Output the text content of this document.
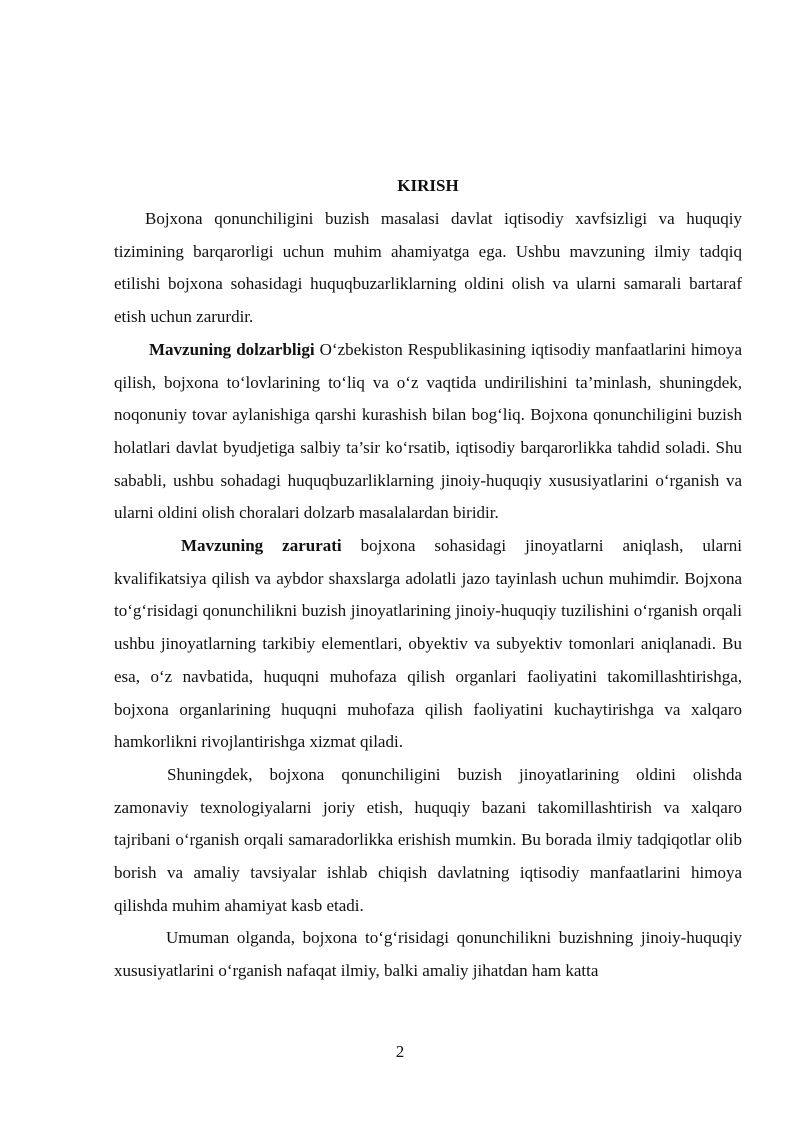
KIRISH

Bojxona qonunchiligini buzish masalasi davlat iqtisodiy xavfsizligi va huquqiy tizimining barqarorligi uchun muhim ahamiyatga ega. Ushbu mavzuning ilmiy tadqiq etilishi bojxona sohasidagi huquqbuzarliklarning oldini olish va ularni samarali bartaraf etish uchun zarurdir.

Mavzuning dolzarbligi O‘zbekiston Respublikasining iqtisodiy manfaatlarini himoya qilish, bojxona to‘lovlarining to‘liq va o‘z vaqtida undirilishini ta’minlash, shuningdek, noqonuniy tovar aylanishiga qarshi kurashish bilan bog‘liq. Bojxona qonunchiligini buzish holatlari davlat byudjetiga salbiy ta’sir ko‘rsatib, iqtisodiy barqarorlikka tahdid soladi. Shu sababli, ushbu sohadagi huquqbuzarliklarning jinoiy-huquqiy xususiyatlarini o‘rganish va ularni oldini olish choralari dolzarb masalalardan biridir.

Mavzuning zarurati bojxona sohasidagi jinoyatlarni aniqlash, ularni kvalifikatsiya qilish va aybdor shaxslarga adolatli jazo tayinlash uchun muhimdir. Bojxona to‘g‘risidagi qonunchilikni buzish jinoyatlarining jinoiy-huquqiy tuzilishini o‘rganish orqali ushbu jinoyatlarning tarkibiy elementlari, obyektiv va subyektiv tomonlari aniqlanadi. Bu esa, o‘z navbatida, huquqni muhofaza qilish organlari faoliyatini takomillashtirishga, bojxona organlarining huquqni muhofaza qilish faoliyatini kuchaytirishga va xalqaro hamkorlikni rivojlantirishga xizmat qiladi.

Shuningdek, bojxona qonunchiligini buzish jinoyatlarining oldini olishda zamonaviy texnologiyalarni joriy etish, huquqiy bazani takomillashtirish va xalqaro tajribani o‘rganish orqali samaradorlikka erishish mumkin. Bu borada ilmiy tadqiqotlar olib borish va amaliy tavsiyalar ishlab chiqish davlatning iqtisodiy manfaatlarini himoya qilishda muhim ahamiyat kasb etadi.

Umuman olganda, bojxona to‘g‘risidagi qonunchilikni buzishning jinoiy-huquqiy xususiyatlarini o‘rganish nafaqat ilmiy, balki amaliy jihatdan ham katta

2
